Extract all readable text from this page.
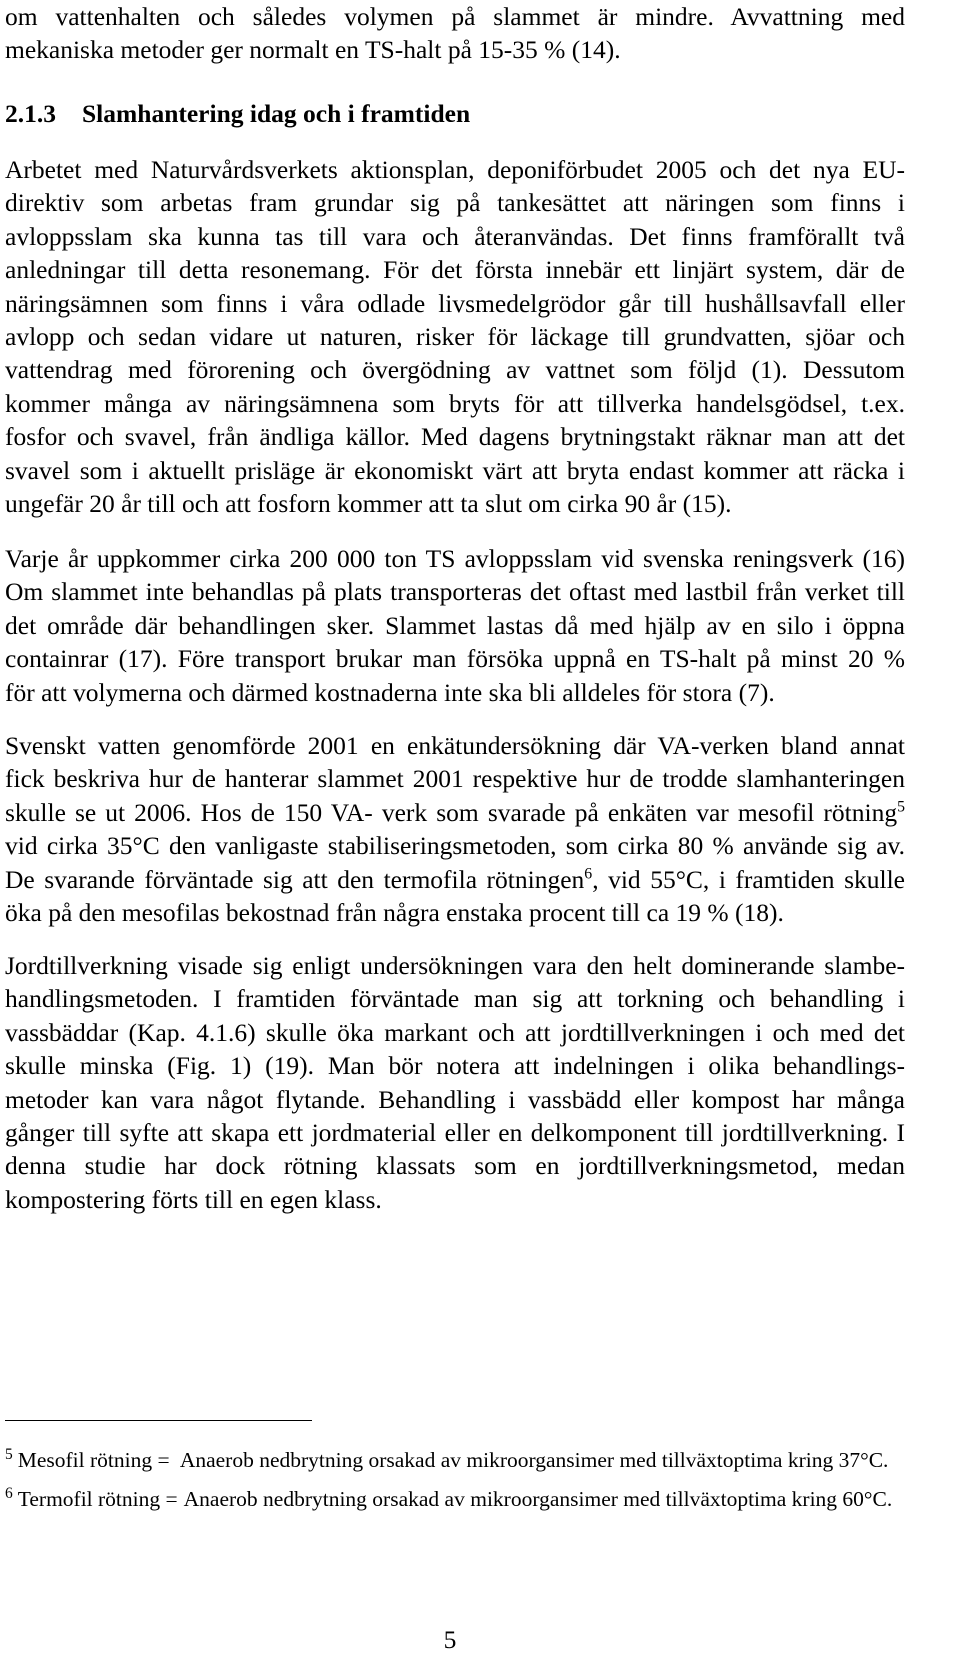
om vattenhalten och således volymen på slammet är mindre. Avvattning med
mekaniska metoder ger normalt en TS-halt på 15-35 % (14).
2.1.3 Slamhantering idag och i framtiden
Arbetet med Naturvårdsverkets aktionsplan, deponiförbudet 2005 och det nya EU-
direktiv som arbetas fram grundar sig på tankesättet att näringen som finns i
avloppsslam ska kunna tas till vara och återanvändas. Det finns framförallt två
anledningar till detta resonemang. För det första innebär ett linjärt system, där de
näringsämnen som finns i våra odlade livsmedelgrödor går till hushållsavfall eller
avlopp och sedan vidare ut naturen, risker för läckage till grundvatten, sjöar och
vattendrag med förorening och övergödning av vattnet som följd (1). Dessutom
kommer många av näringsämnena som bryts för att tillverka handelsgödsel, t.ex.
fosfor och svavel, från ändliga källor. Med dagens brytningstakt räknar man att det
svavel som i aktuellt prisläge är ekonomiskt värt att bryta endast kommer att räcka i
ungefär 20 år till och att fosforn kommer att ta slut om cirka 90 år (15).
Varje år uppkommer cirka 200 000 ton TS avloppsslam vid svenska reningsverk (16)
Om slammet inte behandlas på plats transporteras det oftast med lastbil från verket till
det område där behandlingen sker. Slammet lastas då med hjälp av en silo i öppna
containrar (17). Före transport brukar man försöka uppnå en TS-halt på minst 20 %
för att volymerna och därmed kostnaderna inte ska bli alldeles för stora (7).
Svenskt vatten genomförde 2001 en enkätundersökning där VA-verken bland annat
fick beskriva hur de hanterar slammet 2001 respektive hur de trodde slamhanteringen
skulle se ut 2006. Hos de 150 VA- verk som svarade på enkäten var mesofil rötning$^5$
vid cirka 35°C den vanligaste stabiliseringsmetoden, som cirka 80 % använde sig av.
De svarande förväntade sig att den termofila rötningen$^6$, vid 55°C, i framtiden skulle
öka på den mesofilas bekostnad från några enstaka procent till ca 19 % (18).
Jordtillverkning visade sig enligt undersökningen vara den helt dominerande slambe-
handlingsmetoden. I framtiden förväntade man sig att torkning och behandling i
vassbäddar (Kap. 4.1.6) skulle öka markant och att jordtillverkningen i och med det
skulle minska (Fig. 1) (19). Man bör notera att indelningen i olika behandlings-
metoder kan vara något flytande. Behandling i vassbädd eller kompost har många
gånger till syfte att skapa ett jordmaterial eller en delkomponent till jordtillverkning. I
denna studie har dock rötning klassats som en jordtillverkningsmetod, medan
kompostering förts till en egen klass.
$^5$ Mesofil rötning = Anaerob nedbrytning orsakad av mikroorgansimer med tillväxtoptima kring 37°C.
$^6$ Termofil rötning = Anaerob nedbrytning orsakad av mikroorgansimer med tillväxtoptima kring 60°C.
5
